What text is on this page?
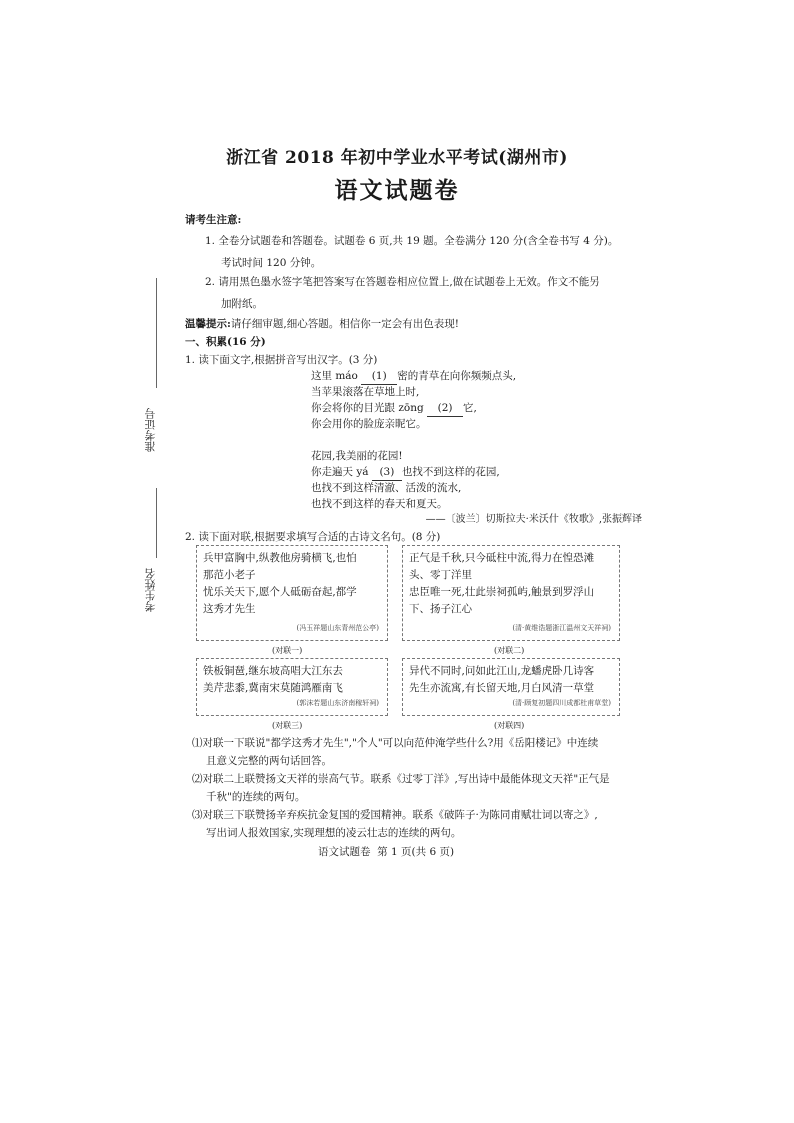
准考证号
考生姓名
浙江省 2018 年初中学业水平考试(湖州市)
语文试题卷
请考生注意:
1. 全卷分试题卷和答题卷。试题卷 6 页,共 19 题。全卷满分 120 分(含全卷书写 4 分)。
考试时间 120 分钟。
2. 请用黑色墨水签字笔把答案写在答题卷相应位置上,做在试题卷上无效。作文不能另
加附纸。
温馨提示:请仔细审题,细心答题。相信你一定会有出色表现!
一、积累(16 分)
1. 读下面文字,根据拼音写出汉字。(3 分)
这里 máo (1) 密的青草在向你频频点头,
当苹果滚落在草地上时,
你会将你的目光跟 zōng (2) 它,
你会用你的脸庞亲昵它。
花园,我美丽的花园!
你走遍天 yá (3) 也找不到这样的花园,
也找不到这样清澈、活泼的流水,
也找不到这样的春天和夏天。
——〔波兰〕切斯拉夫·米沃什《牧歌》,张振辉译
2. 读下面对联,根据要求填写合适的古诗文名句。(8 分)
兵甲富胸中,纵教他房骑横飞,也怕
那范小老子
忧乐关天下,愿个人砥砺奋起,都学
这秀才先生
(冯玉祥题山东青州范公亭)
(对联一)
正气是千秋,只今砥柱中流,得力在惶恐滩
头、零丁洋里
忠臣唯一死,壮此崇祠孤屿,触景到罗浮山
下、扬子江心
(清·黄维诰题浙江温州文天祥祠)
(对联二)
铁板铜琶,继东坡高唱大江东去
美芹悲黍,冀南宋莫随鸿雁南飞
(郭沫若题山东济南稼轩祠)
(对联三)
异代不同时,问如此江山,龙蟠虎卧几诗客
先生亦流寓,有长留天地,月白风清一草堂
(清·顾复初题四川成都杜甫草堂)
(对联四)
⑴对联一下联说"都学这秀才先生","个人"可以向范仲淹学些什么?用《岳阳楼记》中连续
且意义完整的两句话回答。
⑵对联二上联赞扬文天祥的崇高气节。联系《过零丁洋》,写出诗中最能体现文天祥"正气是
千秋"的连续的两句。
⑶对联三下联赞扬辛弃疾抗金复国的爱国精神。联系《破阵子·为陈同甫赋壮词以寄之》,
写出词人报效国家,实现理想的凌云壮志的连续的两句。
语文试题卷  第 1 页(共 6 页)
